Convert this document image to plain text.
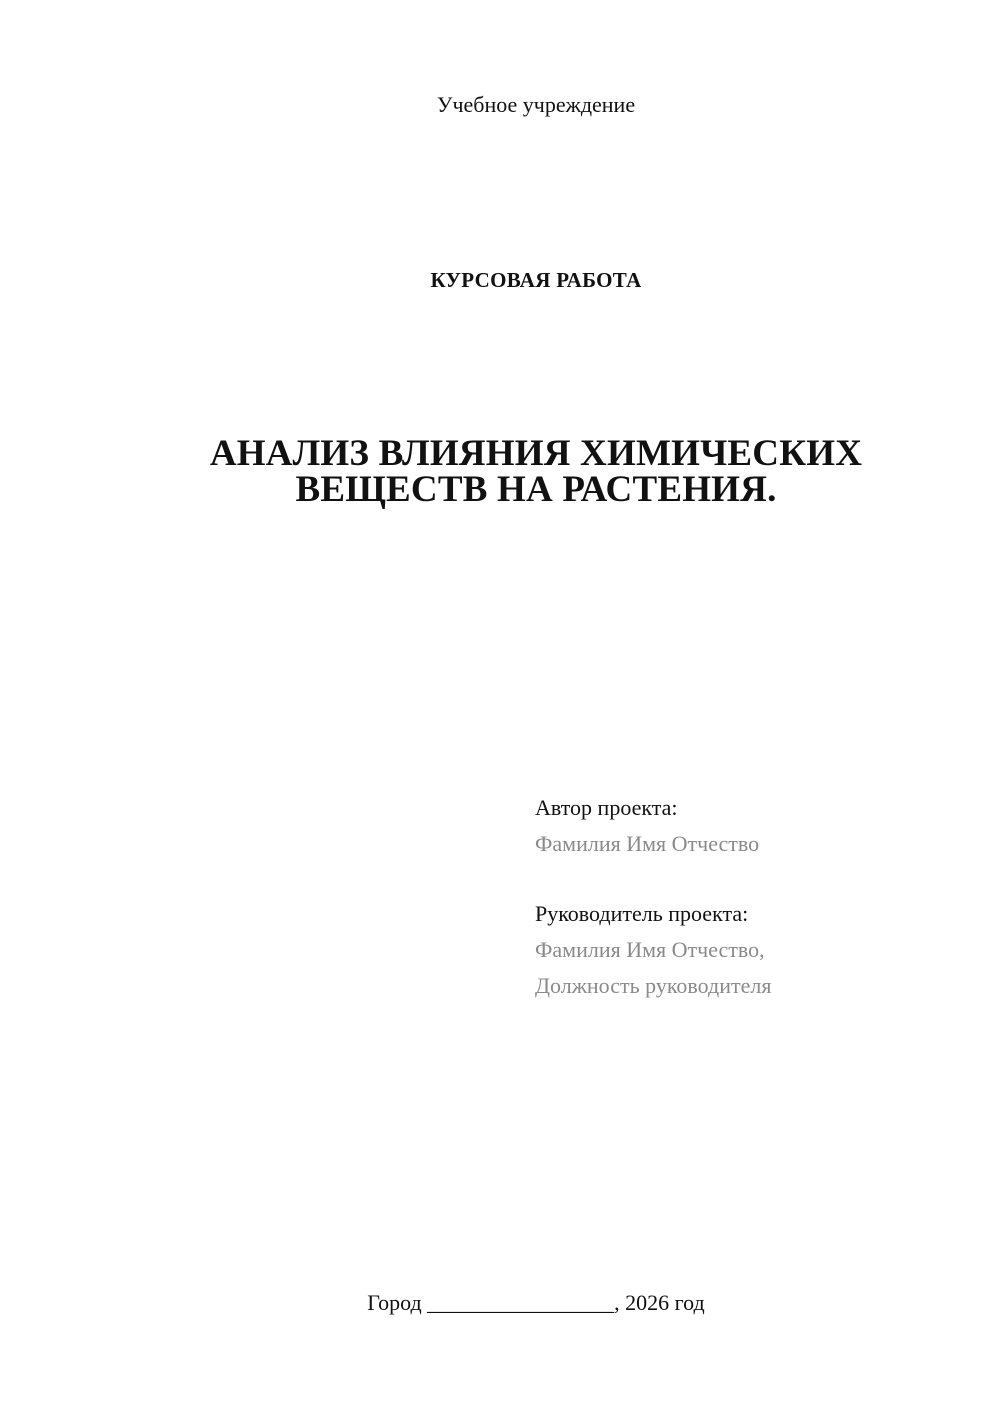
Учебное учреждение
КУРСОВАЯ РАБОТА
АНАЛИЗ ВЛИЯНИЯ ХИМИЧЕСКИХ
ВЕЩЕСТВ НА РАСТЕНИЯ.
Автор проекта:
Фамилия Имя Отчество
Руководитель проекта:
Фамилия Имя Отчество,
Должность руководителя
Город _________________, 2026 год
